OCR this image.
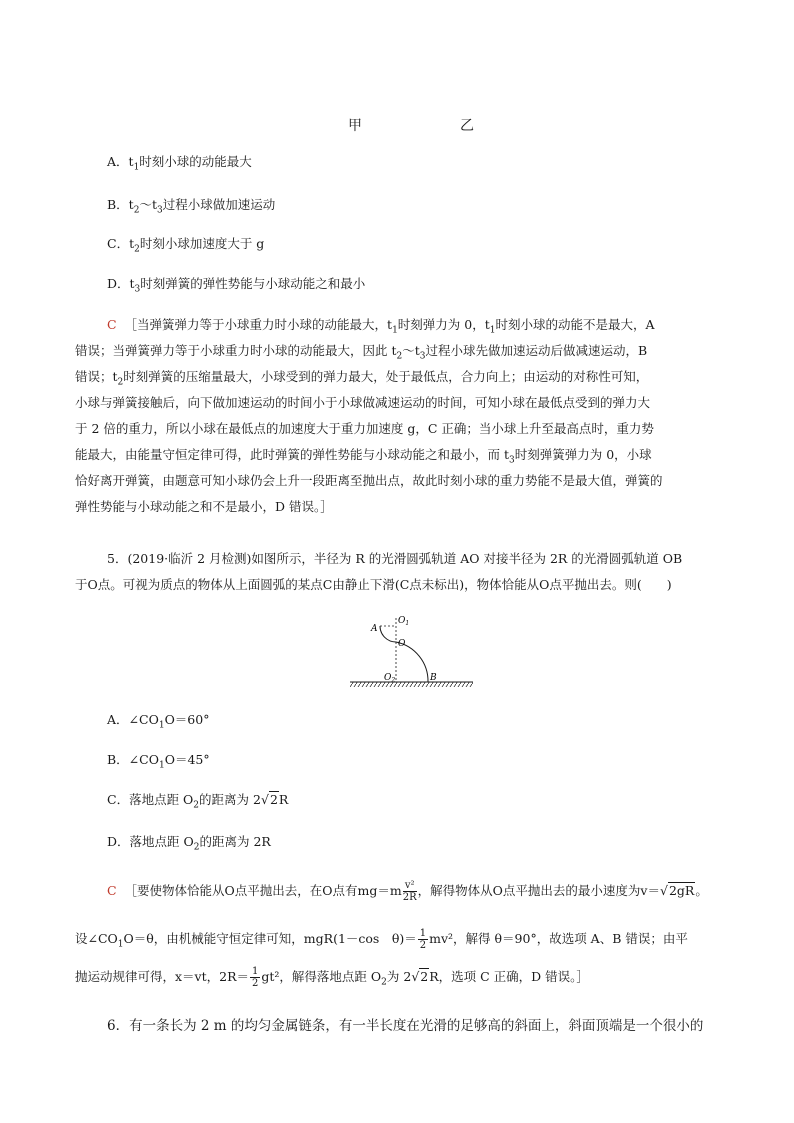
甲	乙
A．$t_1$时刻小球的动能最大
B．$t_2\sim t_3$过程小球做加速运动
C．$t_2$时刻小球加速度大于 g
D．$t_3$时刻弹簧的弹性势能与小球动能之和最小
C ［当弹簧弹力等于小球重力时小球的动能最大，$t_1$时刻弹力为 0，$t_1$时刻小球的动能不是最大，A
错误；当弹簧弹力等于小球重力时小球的动能最大，因此 $t_2\sim t_3$过程小球先做加速运动后做减速运动，B
错误；$t_2$时刻弹簧的压缩量最大，小球受到的弹力最大，处于最低点，合力向上；由运动的对称性可知，
小球与弹簧接触后，向下做加速运动的时间小于小球做减速运动的时间，可知小球在最低点受到的弹力大
于 2 倍的重力，所以小球在最低点的加速度大于重力加速度 g，C 正确；当小球上升至最高点时，重力势
能最大，由能量守恒定律可得，此时弹簧的弹性势能与小球动能之和最小，而 $t_3$时刻弹簧弹力为 0，小球
恰好离开弹簧，由题意可知小球仍会上升一段距离至抛出点，故此时刻小球的重力势能不是最大值，弹簧的
弹性势能与小球动能之和不是最小，D 错误。］
5．(2019·临沂 2 月检测)如图所示，半径为 R 的光滑圆弧轨道 AO 对接半径为 2R 的光滑圆弧轨道 OB
于O点。可视为质点的物体从上面圆弧的某点C由静止下滑(C点未标出)，物体恰能从O点平抛出去。则(　　)
A
$O_1$
O
$O_2$	B
A．$\angle CO_1O=60^\circ$
B．$\angle CO_1O=45^\circ$
C．落地点距 $O_2$的距离为 2√2R
D．落地点距 $O_2$的距离为 2R
C ［要使物体恰能从O点平抛出去，在O点有$mg=m \frac{\text{v²}}{2R}$ ，解得物体从O点平抛出去的最小速度为v＝√2gR。
设$\angle CO_1O=\theta$，由机械能守恒定律可知，mgR(1－cos　$\theta)= \frac{1}{2} mv^2$，解得 θ＝90°，故选项 A、B 错误；由平
抛运动规律可得，x＝vt，$2R= \frac{1}{2} gt^2$，解得落地点距 $O_2$为 2√2R，选项 C 正确，D 错误。］
6．有一条长为 2 m 的均匀金属链条，有一半长度在光滑的足够高的斜面上，斜面顶端是一个很小的
